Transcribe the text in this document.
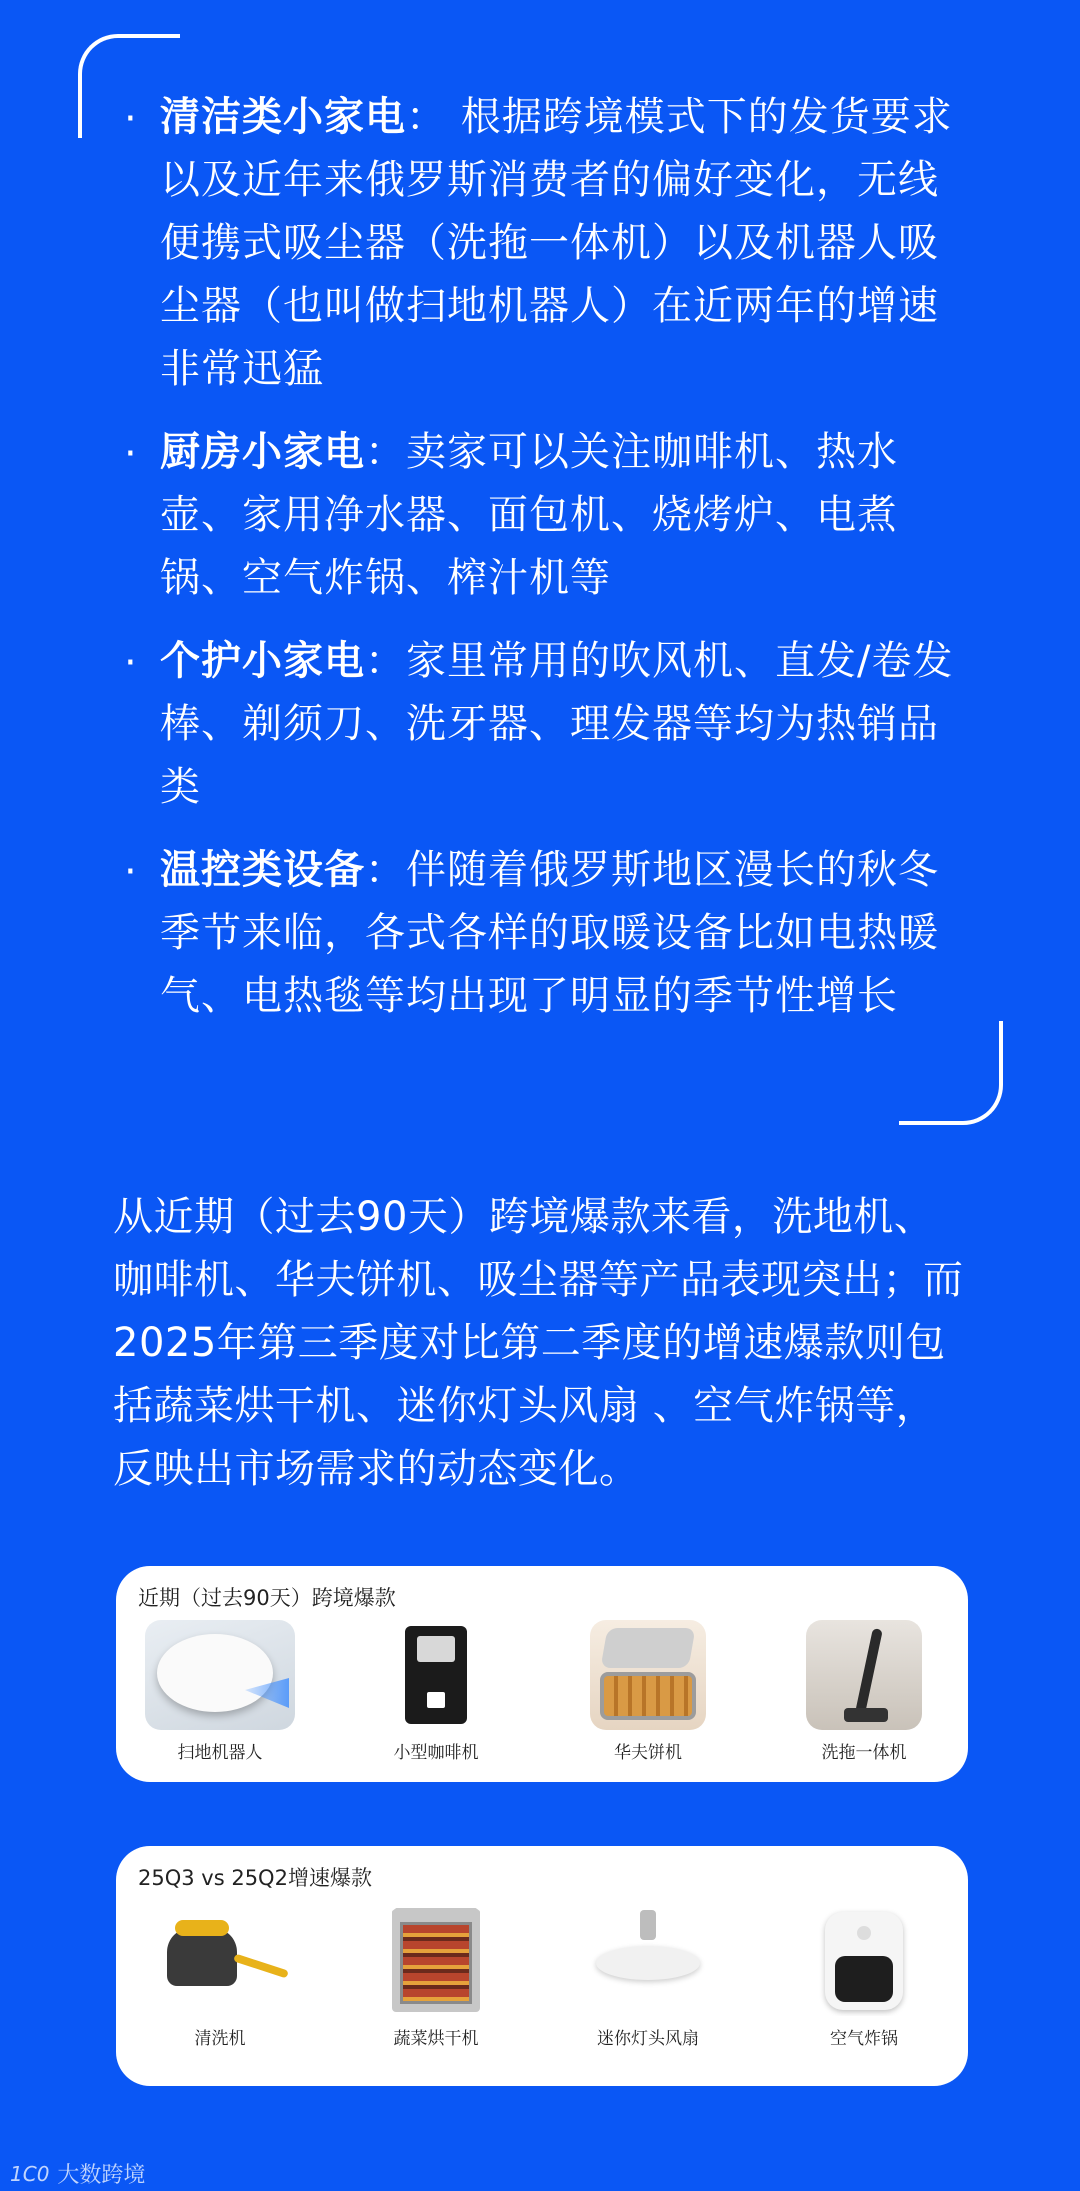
· 清洁类小家电： 根据跨境模式下的发货要求以及近年来俄罗斯消费者的偏好变化，无线便携式吸尘器（洗拖一体机）以及机器人吸尘器（也叫做扫地机器人）在近两年的增速非常迅猛
· 厨房小家电：卖家可以关注咖啡机、热水壶、家用净水器、面包机、烧烤炉、电煮锅、空气炸锅、榨汁机等
· 个护小家电：家里常用的吹风机、直发/卷发棒、剃须刀、洗牙器、理发器等均为热销品类
· 温控类设备：伴随着俄罗斯地区漫长的秋冬季节来临，各式各样的取暖设备比如电热暖气、电热毯等均出现了明显的季节性增长

从近期（过去90天）跨境爆款来看，洗地机、咖啡机、华夫饼机、吸尘器等产品表现突出；而2025年第三季度对比第二季度的增速爆款则包括蔬菜烘干机、迷你灯头风扇 、空气炸锅等，反映出市场需求的动态变化。

近期（过去90天）跨境爆款
扫地机器人	小型咖啡机	华夫饼机	洗拖一体机
25Q3 vs 25Q2增速爆款
清洗机	蔬菜烘干机	迷你灯头风扇	空气炸锅
1C0 大数跨境
